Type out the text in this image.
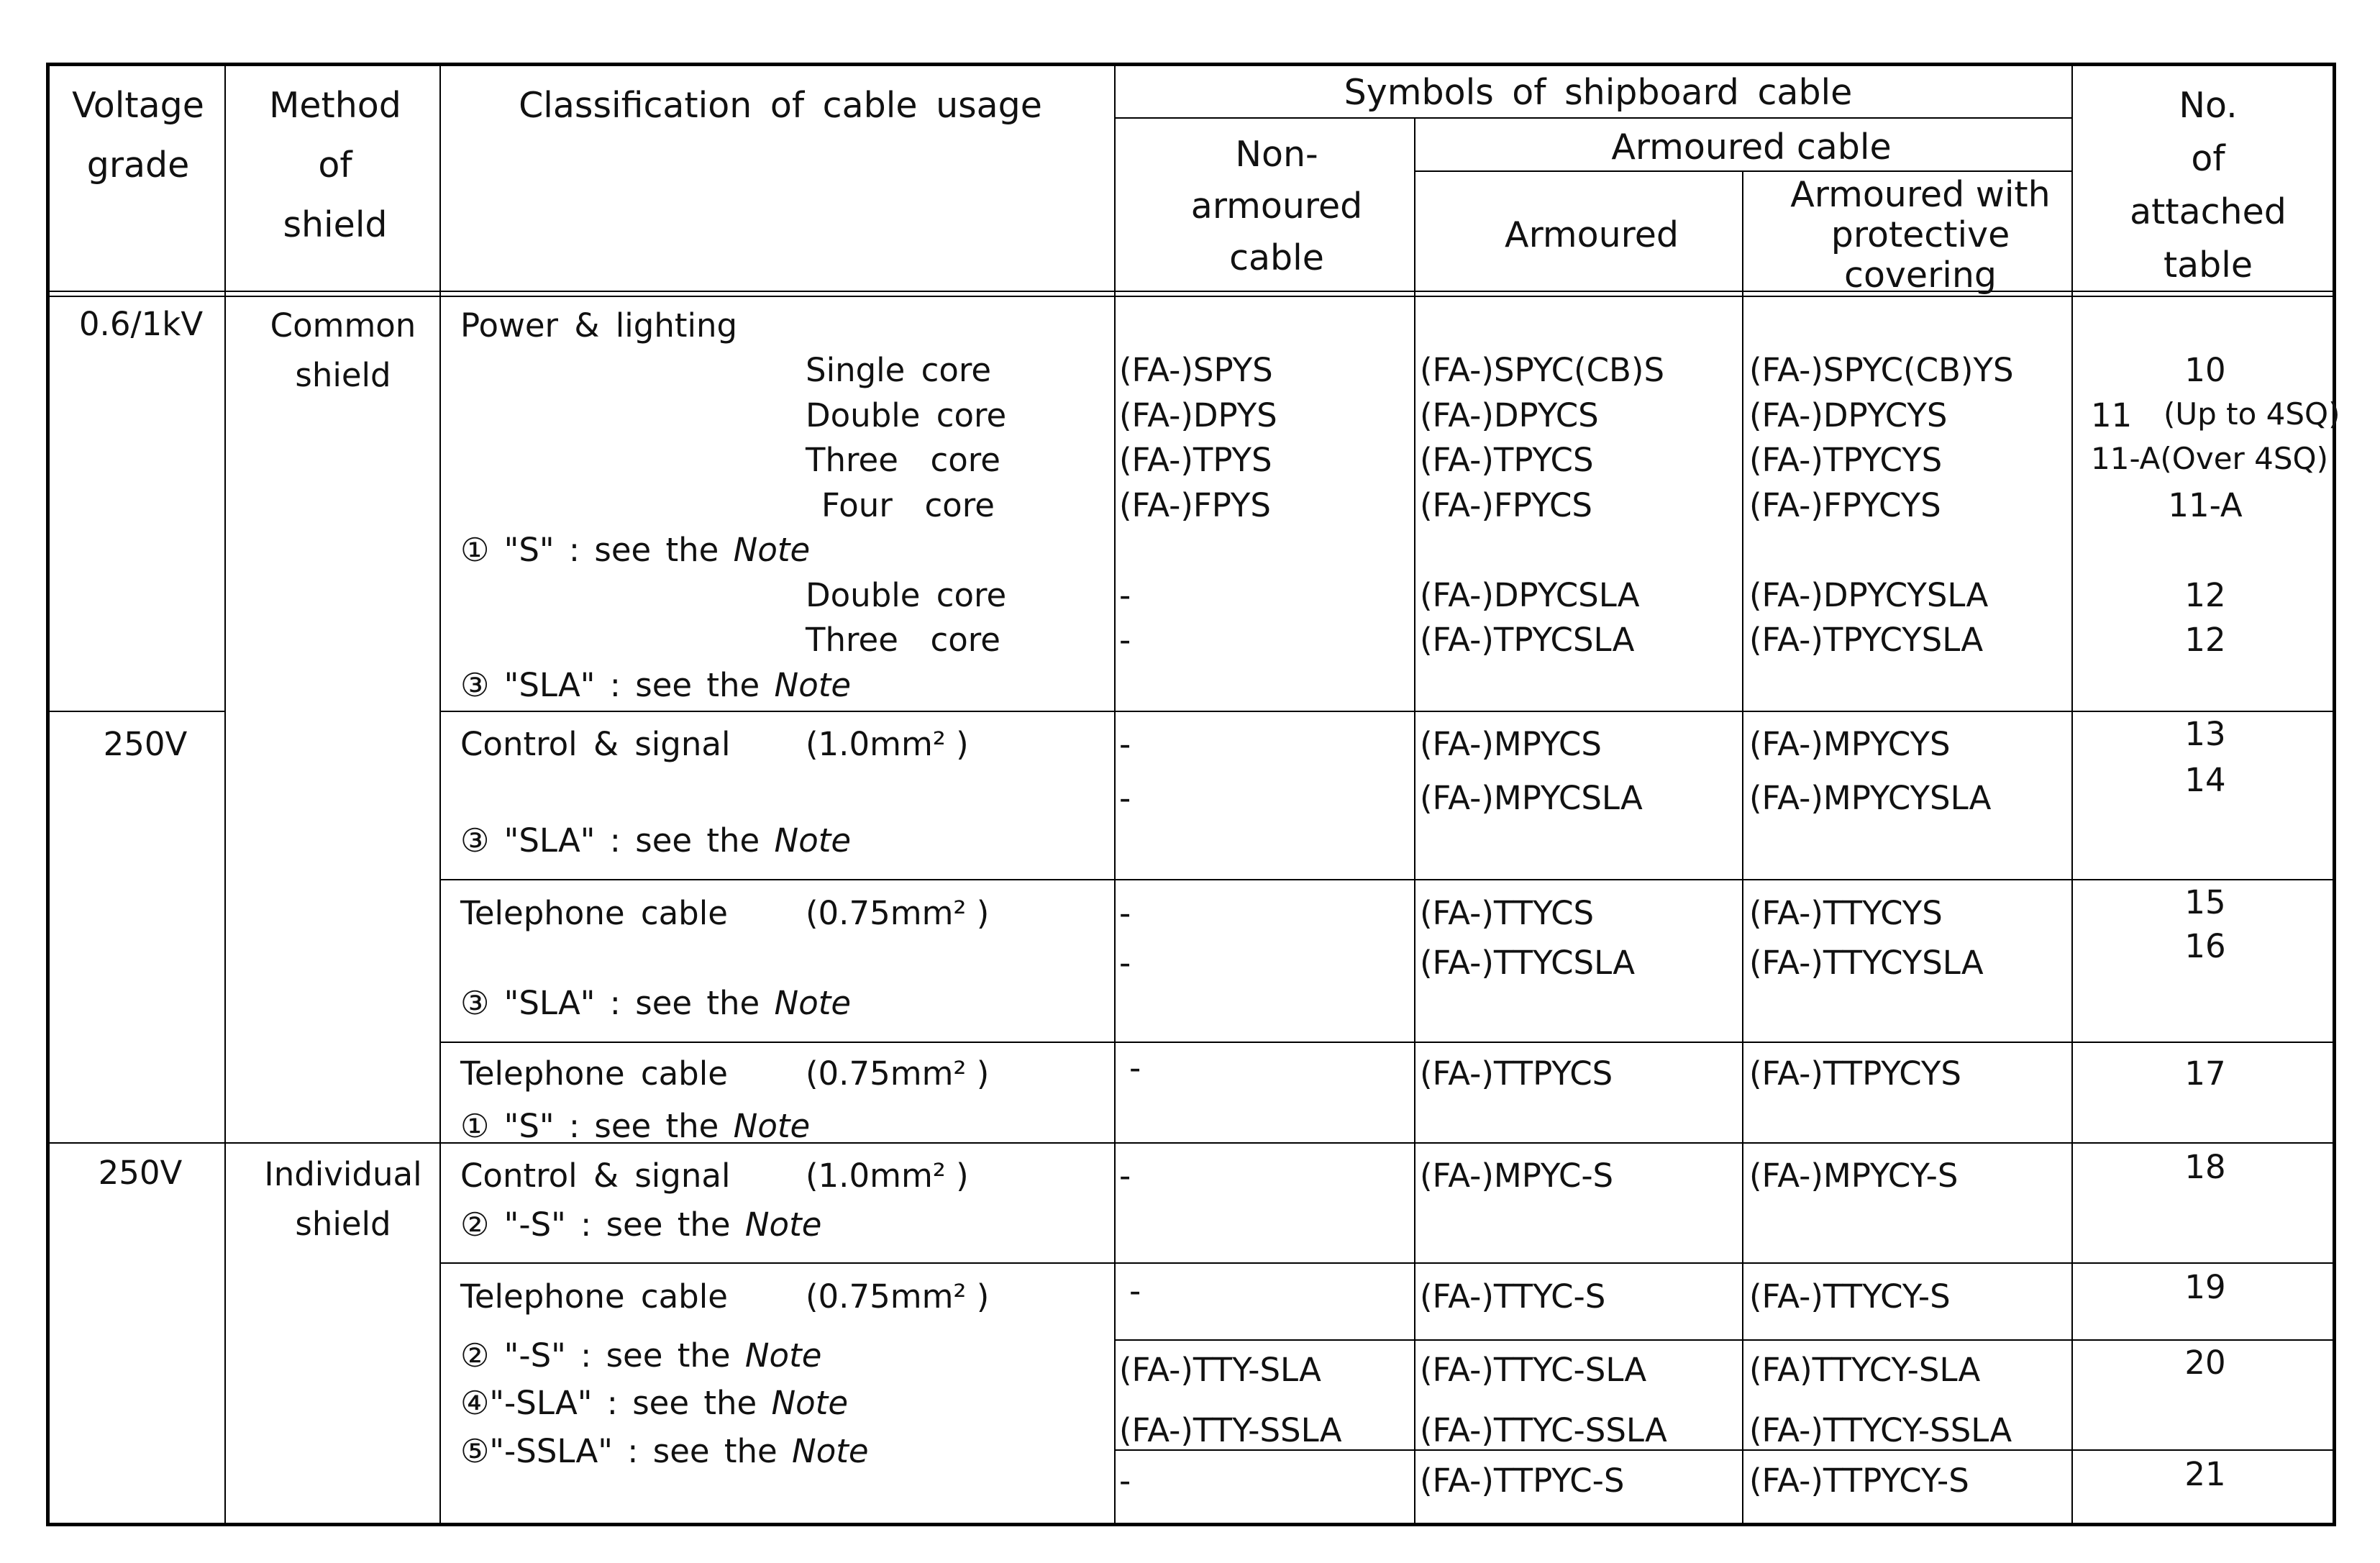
Voltage
grade
Method
of
shield
Classification of cable usage	Symbols of shipboard cable
Non-
armoured
cable
Armoured cable
Armoured
Armoured with
protective
covering
No.
of
attached
table
0.6/1kV
250V
250V
Common
shield
Individual
shield
Power & lighting
Single core
Double core
Three  core
Four  core
① "S" : see the Note
Double core
Three  core
③ "SLA" : see the Note
Control & signal (1.0mm² )
③ "SLA" : see the Note
Telephone cable (0.75mm² )
③ "SLA" : see the Note
Telephone cable (0.75mm² )
① "S" : see the Note
Control & signal (1.0mm² )
② "-S" : see the Note
Telephone cable (0.75mm² )
② "-S" : see the Note
④"-SLA" : see the Note
⑤"-SSLA" : see the Note
(FA-)SPYS
(FA-)DPYS
(FA-)TPYS
(FA-)FPYS
-
-
-
-
-
-
-
-
-
(FA-)TTY-SLA
(FA-)TTY-SSLA
-
(FA-)SPYC(CB)S
(FA-)DPYCS
(FA-)TPYCS
(FA-)FPYCS
(FA-)DPYCSLA
(FA-)TPYCSLA
(FA-)MPYCS
(FA-)MPYCSLA
(FA-)TTYCS
(FA-)TTYCSLA
(FA-)TTPYCS
(FA-)MPYC-S
(FA-)TTYC-S
(FA-)TTYC-SLA
(FA-)TTYC-SSLA
(FA-)TTPYC-S
(FA-)SPYC(CB)YS
(FA-)DPYCYS
(FA-)TPYCYS
(FA-)FPYCYS
(FA-)DPYCYSLA
(FA-)TPYCYSLA
(FA-)MPYCYS
(FA-)MPYCYSLA
(FA-)TTYCYS
(FA-)TTYCYSLA
(FA-)TTPYCYS
(FA-)MPYCY-S
(FA-)TTYCY-S
(FA)TTYCY-SLA
(FA-)TTYCY-SSLA
(FA-)TTPYCY-S
10
11 (Up to 4SQ)
11-A(Over 4SQ)
11-A
12
12
13
14
15
16
17
18
19
20
21
